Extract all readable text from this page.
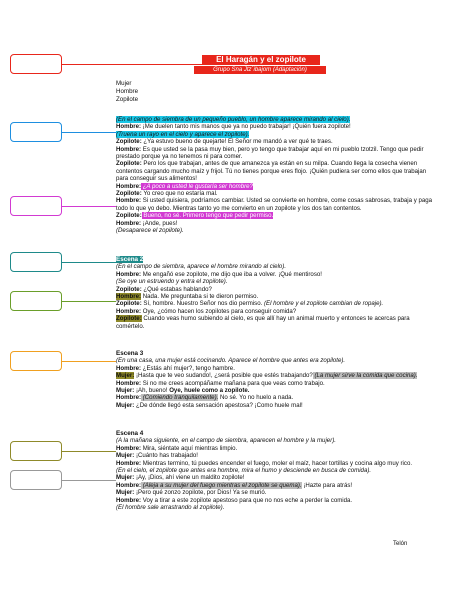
El Haragán y el zopilote
Grupo Sna Jtz´ibajom (Adaptación)
Mujer
Hombre
Zopilote

(En el campo de siembra de un pequeño pueblo, un hombre aparece mirando al cielo).

Hombre: ¡Me duelen tanto mis manos que ya no puedo trabajar! ¡Quién fuera zopilote!

(Truena un rayo en el cielo y aparece el zopilote).

Zopilote: ¿Ya estuvo bueno de quejarte! El Señor me mandó a ver qué te traes.

Hombre: Es que usted se la pasa muy bien, pero yo tengo que trabajar aquí en mi pueblo tzotzil. Tengo que pedir prestado porque ya no tenemos ni para comer.

Zopilote: Pero los que trabajan, antes de que amanezca ya están en su milpa. Cuando llega la cosecha vienen contentos cargando mucho maíz y frijol. Tú no tienes porque eres flojo. ¡Quién pudiera ser como ellos que trabajan para conseguir sus alimentos!

Hombre: ¿A poco a usted le gustaría ser hombre?

Zopilote: Yo creo que no estaría mal.

Hombre: Si usted quisiera, podríamos cambiar. Usted se convierte en hombre, come cosas sabrosas, trabaja y paga todo lo que yo debo. Mientras tanto yo me convierto en un zopilote y los dos tan contentos.

Zopilote: Bueno, no sé. Primero tengo que pedir permiso.

Hombre: ¡Ande, pues!

(Desaparece el zopilote).

Escena 2

(En el campo de siembra, aparece el hombre mirando al cielo).

Hombre: Me engañó ese zopilote, me dijo que iba a volver. ¡Qué mentiroso!

(Se oye un estruendo y entra el zopilote).

Zopilote: ¿Qué estabas hablando?

Hombre: Nada. Me preguntaba si te dieron permiso.

Zopilote: Sí, hombre. Nuestro Señor nos dio permiso. (El hombre y el zopilote cambian de ropaje).

Hombre: Oye, ¿cómo hacen los zopilotes para conseguir comida?

Zopilote: Cuando veas humo subiendo al cielo, es que allí hay un animal muerto y entonces te acercas para comértelo.

Escena 3

(En una casa, una mujer está cocinando. Aparece el hombre que antes era zopilote).

Hombre: ¿Estás ahí mujer?, tengo hambre.

Mujer: ¡Hasta que te veo sudando!, ¿será posible que estés trabajando? (La mujer sirve la comida que cocina).

Hombre: Si no me crees acompáñame mañana para que veas como trabajo.

Mujer: ¡Ah, bueno! Oye, huele como a zopilote.

Hombre: (Comiendo tranquilamente). No sé. Yo no huelo a nada.

Mujer: ¿De dónde llegó esta sensación apestosa? ¡Como huele mal!

Escena 4

(A la mañana siguiente, en el campo de siembra, aparecen el hombre y la mujer).

Hombre: Mira, siéntate aquí mientras limpio.

Mujer: ¡Cuánto has trabajado!

Hombre: Mientras termino, tú puedes encender el fuego, moler el maíz, hacer tortillas y cocina algo muy rico.

(En el cielo, el zopilote que antes era hombre, mira el humo y desciende en busca de comida).

Mujer: ¡Ay, ¡Dios, ahí viene un maldito zopilote!

Hombre: (Aleja a su mujer del fuego mientras el zopilote se quema). ¡Hazte para atrás!

Mujer: ¡Pero qué zonzo zopilote, por Dios! Ya se murió.

Hombre: Voy a tirar a este zopilote apestoso para que no nos eche a perder la comida.

(El hombre sale arrastrando al zopilote).

Telón
